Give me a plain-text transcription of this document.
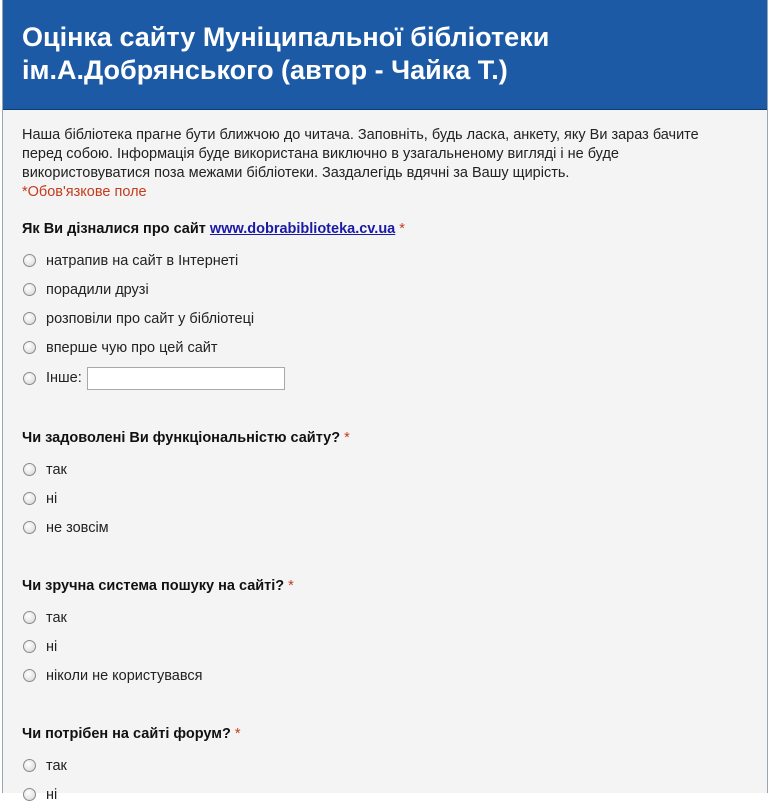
Оцінка сайту Муніципальної бібліотеки ім.А.Добрянського (автор - Чайка Т.)
Наша бібліотека прагне бути ближчою до читача. Заповніть, будь ласка, анкету, яку Ви зараз бачите перед собою. Інформація буде використана виключно в узагальненому вигляді і не буде використовуватися поза межами бібліотеки. Заздалегідь вдячні за Вашу щирість.
*Обов'язкове поле
Як Ви дізналися про сайт www.dobrabiblioteka.cv.ua *
натрапив на сайт в Інтернеті
порадили друзі
розповіли про сайт у бібліотеці
вперше чую про цей сайт
Інше:
Чи задоволені Ви функціональністю сайту? *
так
ні
не зовсім
Чи зручна система пошуку на сайті? *
так
ні
ніколи не користувався
Чи потрібен на сайті форум? *
так
ні
